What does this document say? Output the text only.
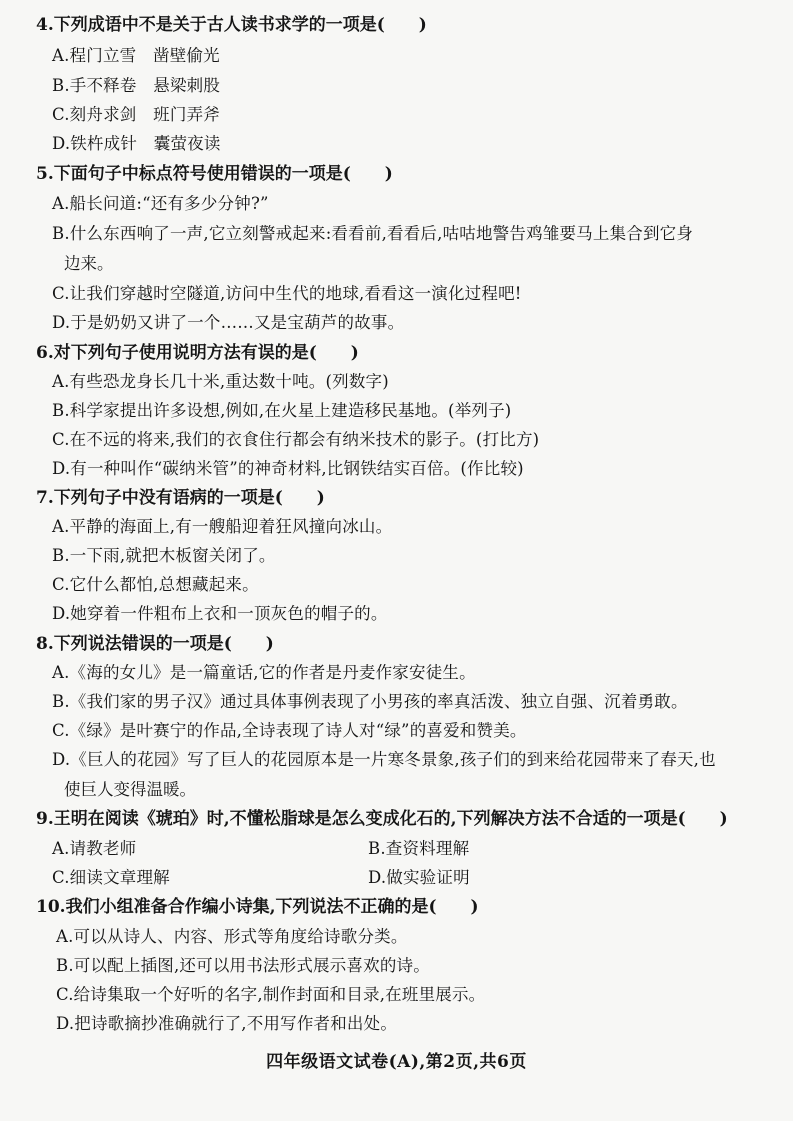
4.下列成语中不是关于古人读书求学的一项是(　　)
A.程门立雪　凿壁偷光
B.手不释卷　悬梁刺股
C.刻舟求剑　班门弄斧
D.铁杵成针　囊萤夜读
5.下面句子中标点符号使用错误的一项是(　　)
A.船长问道:“还有多少分钟?”
B.什么东西响了一声,它立刻警戒起来:看看前,看看后,咕咕地警告鸡雏要马上集合到它身
边来。
C.让我们穿越时空隧道,访问中生代的地球,看看这一演化过程吧!
D.于是奶奶又讲了一个……又是宝葫芦的故事。
6.对下列句子使用说明方法有误的是(　　)
A.有些恐龙身长几十米,重达数十吨。(列数字)
B.科学家提出许多设想,例如,在火星上建造移民基地。(举列子)
C.在不远的将来,我们的衣食住行都会有纳米技术的影子。(打比方)
D.有一种叫作“碳纳米管”的神奇材料,比钢铁结实百倍。(作比较)
7.下列句子中没有语病的一项是(　　)
A.平静的海面上,有一艘船迎着狂风撞向冰山。
B.一下雨,就把木板窗关闭了。
C.它什么都怕,总想藏起来。
D.她穿着一件粗布上衣和一顶灰色的帽子的。
8.下列说法错误的一项是(　　)
A.《海的女儿》是一篇童话,它的作者是丹麦作家安徒生。
B.《我们家的男子汉》通过具体事例表现了小男孩的率真活泼、独立自强、沉着勇敢。
C.《绿》是叶赛宁的作品,全诗表现了诗人对“绿”的喜爱和赞美。
D.《巨人的花园》写了巨人的花园原本是一片寒冬景象,孩子们的到来给花园带来了春天,也
使巨人变得温暖。
9.王明在阅读《琥珀》时,不懂松脂球是怎么变成化石的,下列解决方法不合适的一项是(　　)
A.请教老师	B.查资料理解
C.细读文章理解	D.做实验证明
10.我们小组准备合作编小诗集,下列说法不正确的是(　　)
A.可以从诗人、内容、形式等角度给诗歌分类。
B.可以配上插图,还可以用书法形式展示喜欢的诗。
C.给诗集取一个好听的名字,制作封面和目录,在班里展示。
D.把诗歌摘抄准确就行了,不用写作者和出处。
四年级语文试卷(A),第2页,共6页
